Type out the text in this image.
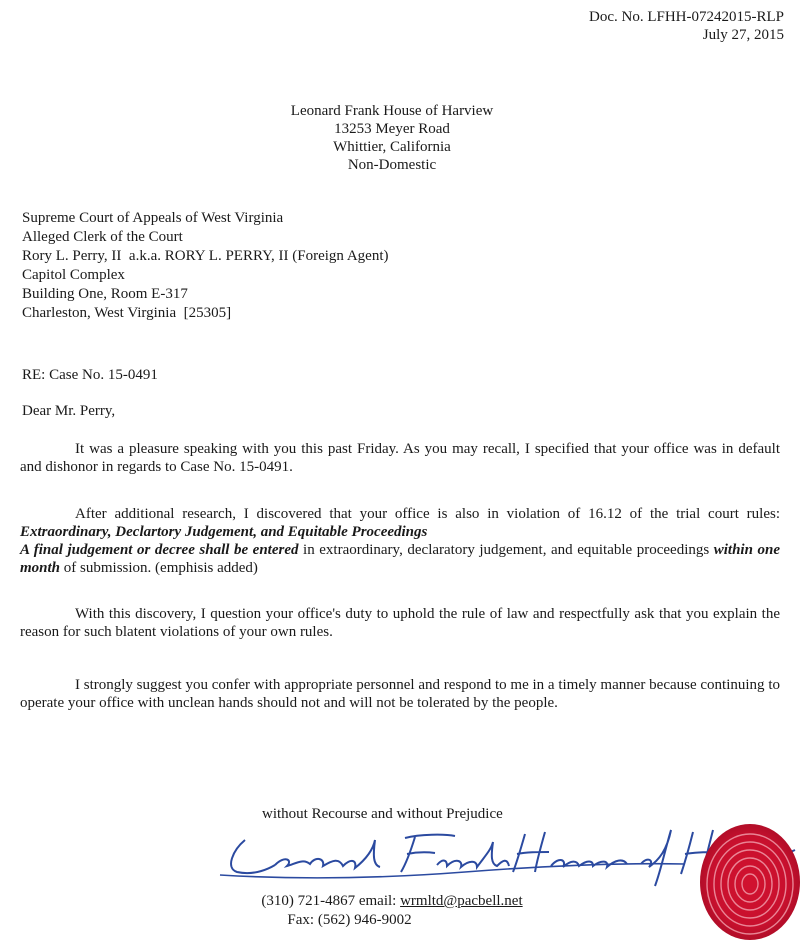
Doc. No. LFHH-07242015-RLP
July 27, 2015
Leonard Frank House of Harview
13253 Meyer Road
Whittier, California
Non-Domestic
Supreme Court of Appeals of West Virginia
Alleged Clerk of the Court
Rory L. Perry, II  a.k.a. RORY L. PERRY, II (Foreign Agent)
Capitol Complex
Building One, Room E-317
Charleston, West Virginia  [25305]
RE: Case No. 15-0491
Dear Mr. Perry,
It was a pleasure speaking with you this past Friday. As you may recall, I specified that your office was in default and dishonor in regards to Case No. 15-0491.
After additional research, I discovered that your office is also in violation of 16.12 of the trial court rules: Extraordinary, Declartory Judgement, and Equitable Proceedings
A final judgement or decree shall be entered in extraordinary, declaratory judgement, and equitable proceedings within one month of submission. (emphisis added)
With this discovery, I question your office's duty to uphold the rule of law and respectfully ask that you explain the reason for such blatent violations of your own rules.
I strongly suggest you confer with appropriate personnel and respond to me in a timely manner because continuing to operate your office with unclean hands should not and will not be tolerated by the people.
without Recourse and without Prejudice
(310) 721-4867 email: wrmltd@pacbell.net
Fax: (562) 946-9002
